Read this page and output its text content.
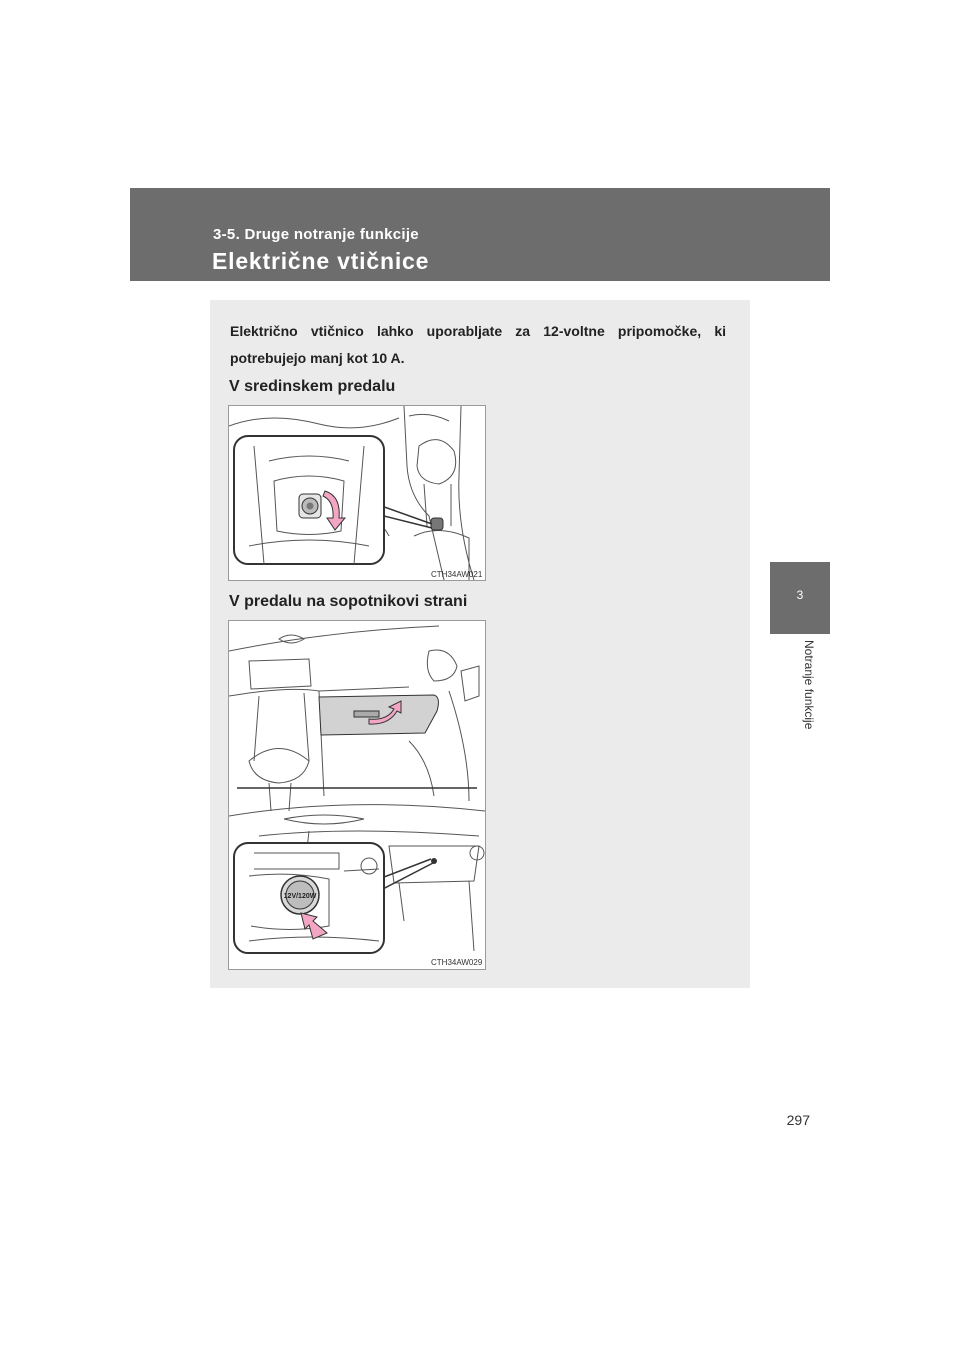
3-5. Druge notranje funkcije
Električne vtičnice
3
Notranje funkcije
Električno vtičnico lahko uporabljate za 12-voltne pripomočke, ki potrebujejo manj kot 10 A.
V sredinskem predalu
CTH34AW021
V predalu na sopotnikovi strani
12V/120W
CTH34AW029
297
